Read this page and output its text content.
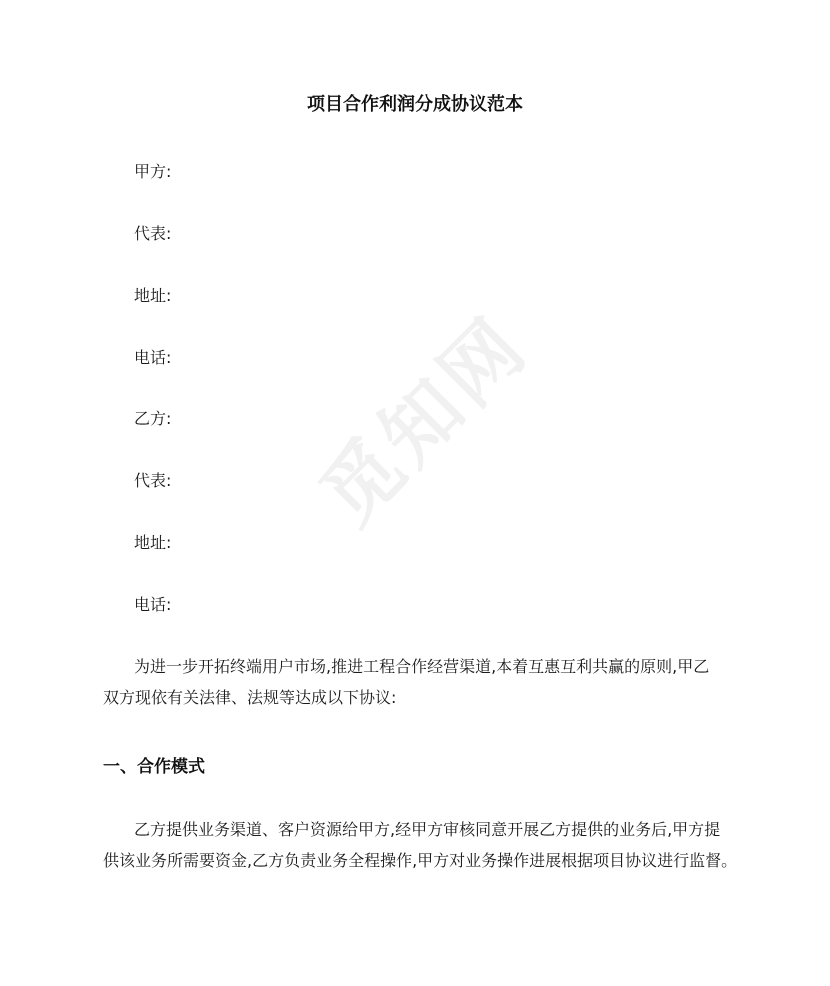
觅知网
项目合作利润分成协议范本
甲方:
代表:
地址:
电话:
乙方:
代表:
地址:
电话:
为进一步开拓终端用户市场,推进工程合作经营渠道,本着互惠互利共赢的原则,甲乙
双方现依有关法律、法规等达成以下协议:
一、合作模式
乙方提供业务渠道、客户资源给甲方,经甲方审核同意开展乙方提供的业务后,甲方提
供该业务所需要资金,乙方负责业务全程操作,甲方对业务操作进展根据项目协议进行监督。
